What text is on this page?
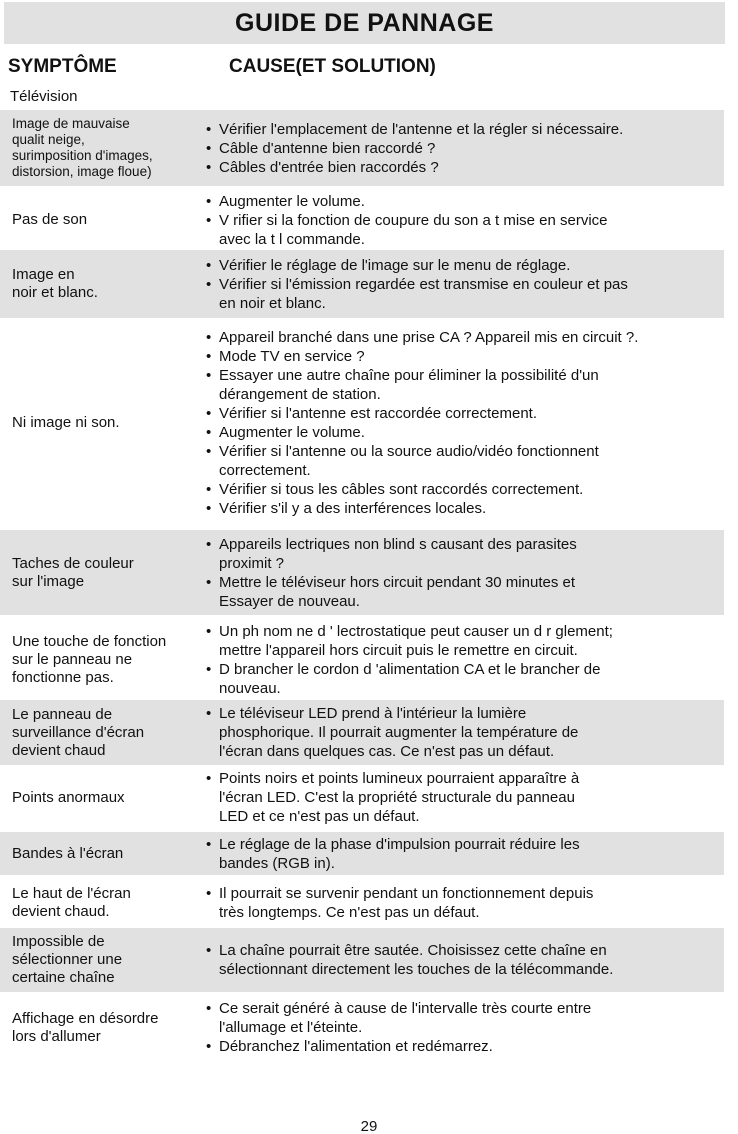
GUIDE DE PANNAGE
SYMPTÔME	CAUSE(ET SOLUTION)
Télévision
Image de mauvaise
qualit neige,
surimposition d'images,
distorsion, image floue)
• Vérifier l'emplacement de l'antenne et la régler si nécessaire.
• Câble d'antenne bien raccordé ?
• Câbles d'entrée bien raccordés ?
Pas de son
• Augmenter le volume.
• V rifier si la fonction de coupure du son a t mise en service
avec la t l commande.
Image en
noir et blanc.
• Vérifier le réglage de l'image sur le menu de réglage.
• Vérifier si l'émission regardée est transmise en couleur et pas
en noir et blanc.
Ni image ni son.
• Appareil branché dans une prise CA ? Appareil mis en circuit ?.
• Mode TV en service ?
• Essayer une autre chaîne pour éliminer la possibilité d'un
dérangement de station.
• Vérifier si l'antenne est raccordée correctement.
• Augmenter le volume.
• Vérifier si l'antenne ou la source audio/vidéo fonctionnent
correctement.
• Vérifier si tous les câbles sont raccordés correctement.
• Vérifier s'il y a des interférences locales.
Taches de couleur
sur l'image
• Appareils lectriques non blind s causant des parasites
proximit ?
• Mettre le téléviseur hors circuit pendant 30 minutes et
Essayer de nouveau.
Une touche de fonction
sur le panneau ne
fonctionne pas.
• Un ph nom ne d ' lectrostatique peut causer un d r glement;
mettre l'appareil hors circuit puis le remettre en circuit.
• D brancher le cordon d 'alimentation CA et le brancher de
nouveau.
Le panneau de
surveillance d'écran
devient chaud
• Le téléviseur LED prend à l'intérieur la lumière
phosphorique. Il pourrait augmenter la température de
l'écran dans quelques cas. Ce n'est pas un défaut.
Points anormaux
• Points noirs et points lumineux pourraient apparaître à
l'écran LED. C'est la propriété structurale du panneau
LED et ce n'est pas un défaut.
Bandes à l'écran
• Le réglage de la phase d'impulsion pourrait réduire les
bandes (RGB in).
Le haut de l'écran
devient chaud.
• Il pourrait se survenir pendant un fonctionnement depuis
très longtemps. Ce n'est pas un défaut.
Impossible de
sélectionner une
certaine chaîne
• La chaîne pourrait être sautée. Choisissez cette chaîne en
sélectionnant directement les touches de la télécommande.
Affichage en désordre
lors d'allumer
• Ce serait généré à cause de l'intervalle très courte entre
l'allumage et l'éteinte.
• Débranchez l'alimentation et redémarrez.
29
